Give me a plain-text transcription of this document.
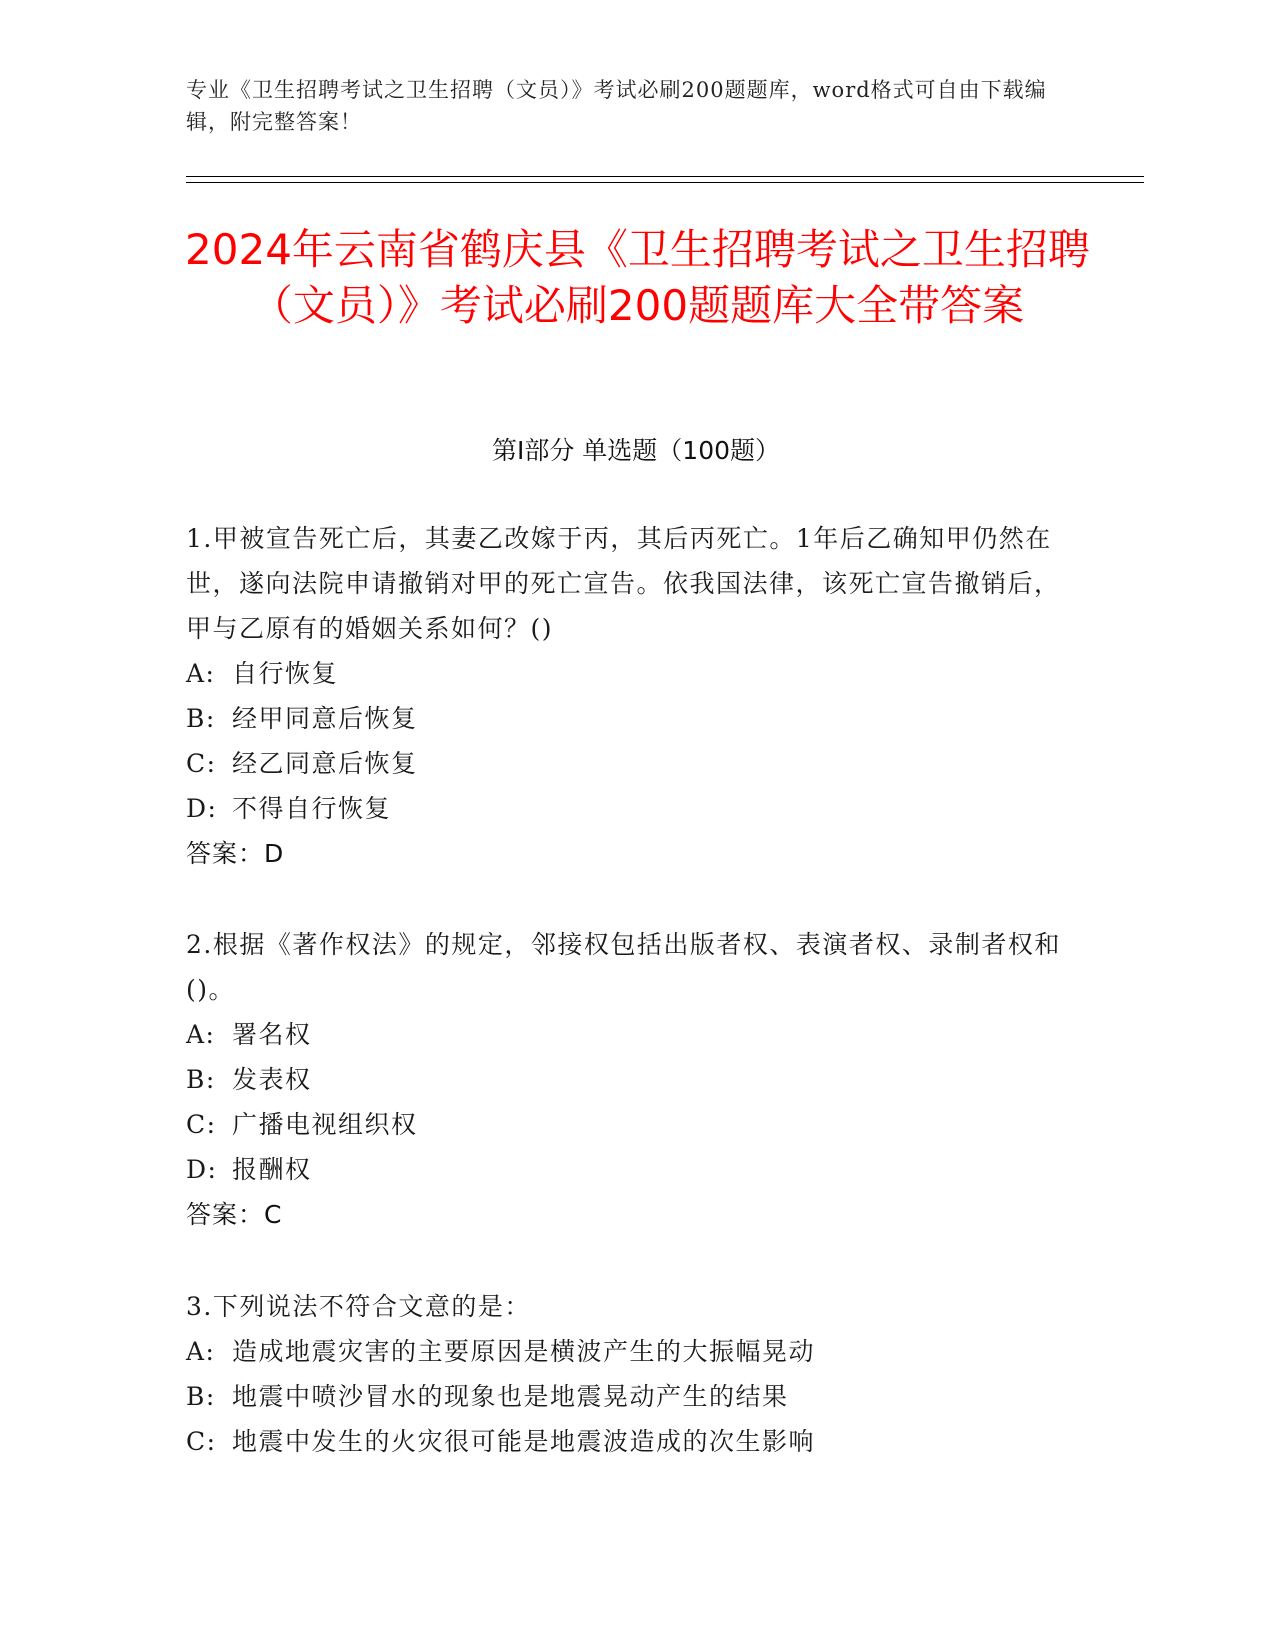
专业《卫生招聘考试之卫生招聘（文员）》考试必刷200题题库，word格式可自由下载编辑，附完整答案！
2024年云南省鹤庆县《卫生招聘考试之卫生招聘（文员）》考试必刷200题题库大全带答案
第I部分 单选题（100题）
1.甲被宣告死亡后，其妻乙改嫁于丙，其后丙死亡。1年后乙确知甲仍然在世，遂向法院申请撤销对甲的死亡宣告。依我国法律，该死亡宣告撤销后，甲与乙原有的婚姻关系如何？()
A: 自行恢复
B: 经甲同意后恢复
C: 经乙同意后恢复
D: 不得自行恢复
答案：D
2.根据《著作权法》的规定，邻接权包括出版者权、表演者权、录制者权和()。
A: 署名权
B: 发表权
C: 广播电视组织权
D: 报酬权
答案：C
3.下列说法不符合文意的是：
A: 造成地震灾害的主要原因是横波产生的大振幅晃动
B: 地震中喷沙冒水的现象也是地震晃动产生的结果
C: 地震中发生的火灾很可能是地震波造成的次生影响
